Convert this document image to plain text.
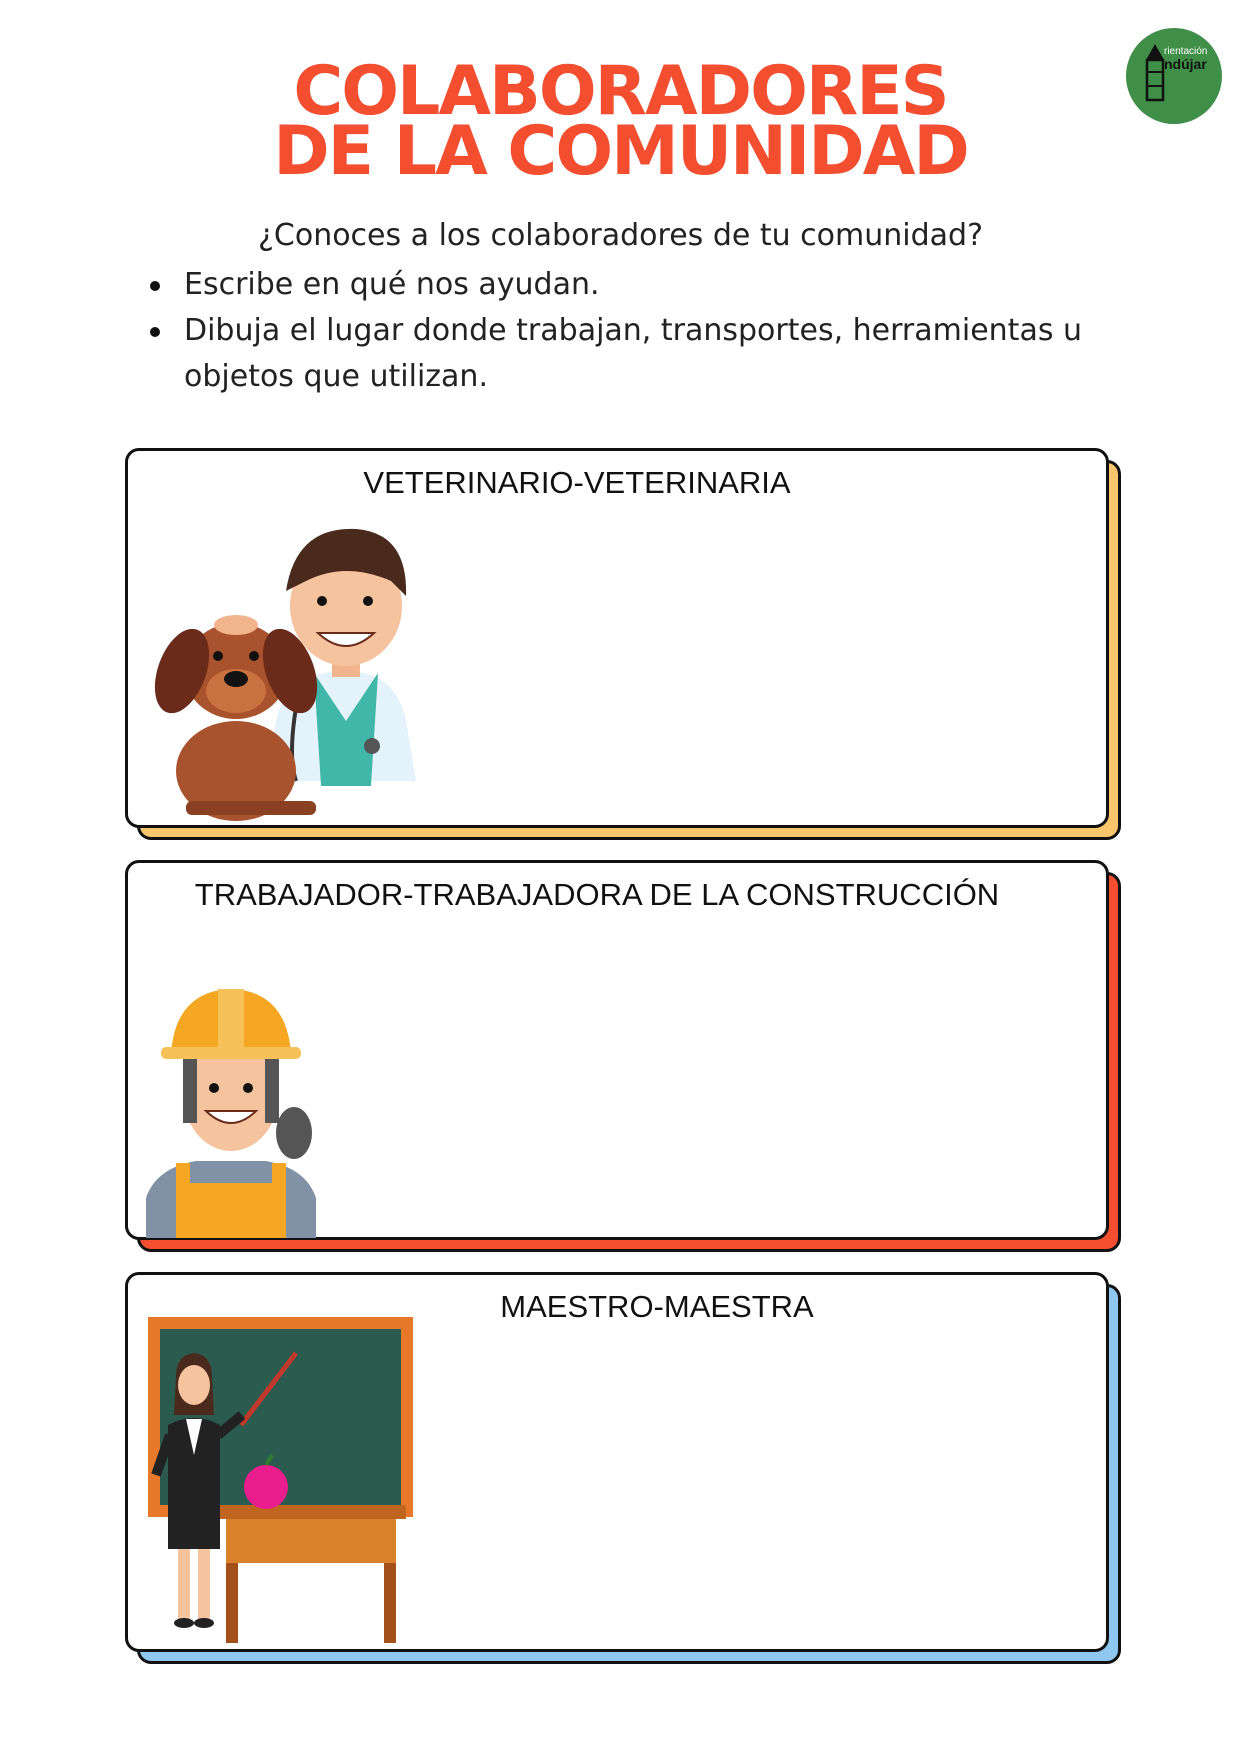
COLABORADORES
DE LA COMUNIDAD
rientación
ndújar
¿Conoces a los colaboradores de tu comunidad?
Escribe en qué nos ayudan.
Dibuja el lugar donde trabajan, transportes, herramientas u objetos que utilizan.
VETERINARIO-VETERINARIA
TRABAJADOR-TRABAJADORA DE LA CONSTRUCCIÓN
MAESTRO-MAESTRA
